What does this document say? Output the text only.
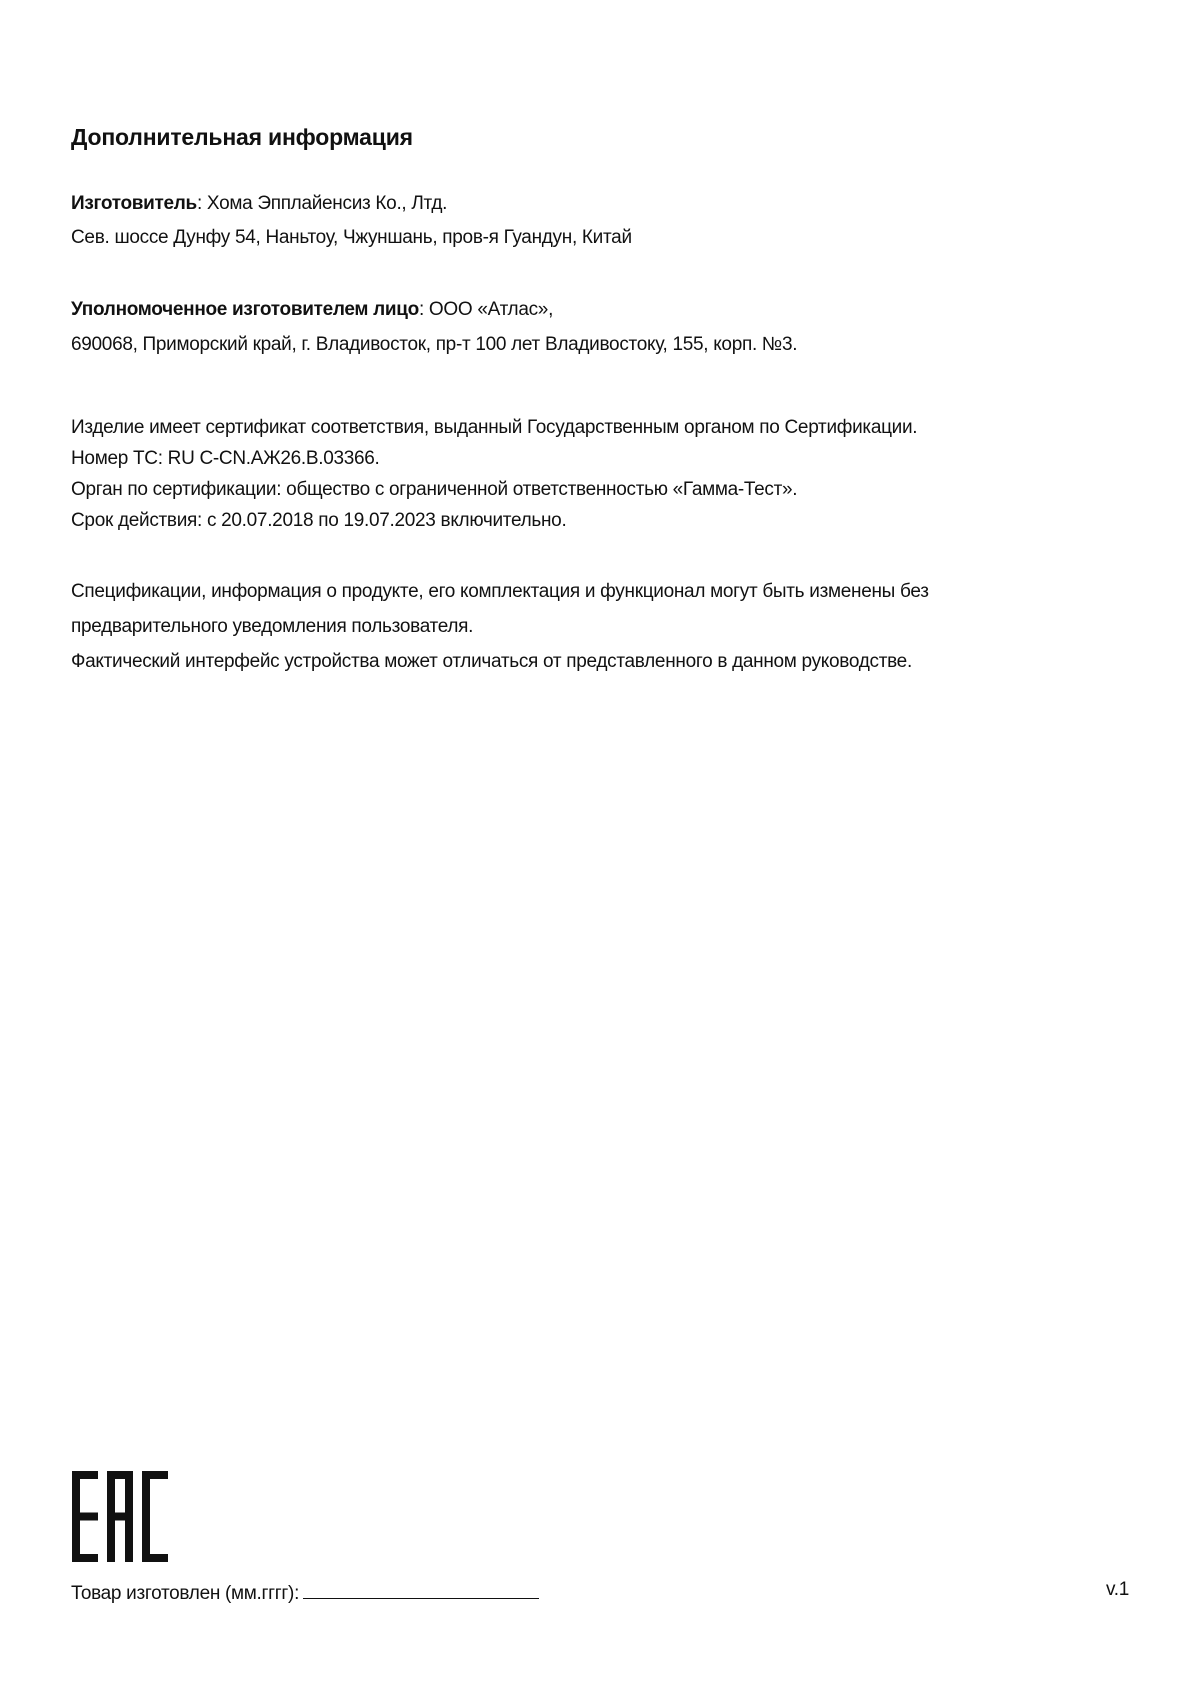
Дополнительная информация
Изготовитель: Хома Эпплайенсиз Ко., Лтд.
Сев. шоссе Дунфу 54, Наньтоу, Чжуншань, пров-я Гуандун, Китай
Уполномоченное изготовителем лицо: ООО «Атлас»,
690068, Приморский край, г. Владивосток, пр-т 100 лет Владивостоку, 155, корп. №3.
Изделие имеет сертификат соответствия, выданный Государственным органом по Сертификации.
Номер ТС: RU C-CN.АЖ26.В.03366.
Орган по сертификации: общество с ограниченной ответственностью «Гамма-Тест».
Срок действия: с 20.07.2018 по 19.07.2023 включительно.
Спецификации, информация о продукте, его комплектация и функционал могут быть изменены без
предварительного уведомления пользователя.
Фактический интерфейс устройства может отличаться от представленного в данном руководстве.
Товар изготовлен (мм.гггг):	v.1
